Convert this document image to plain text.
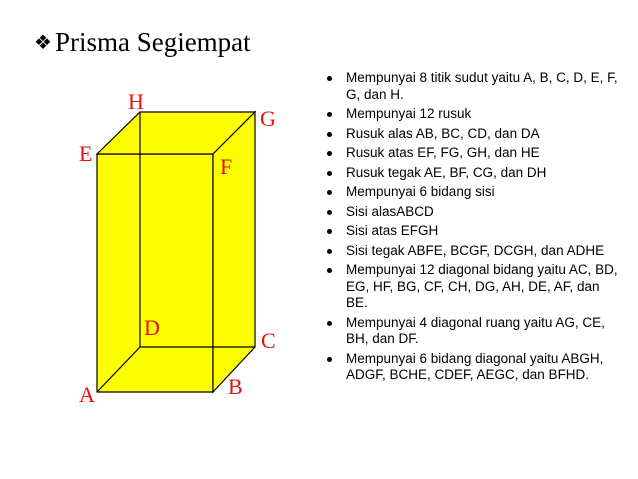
❖ Prisma Segiempat
H
G
E
F
D
C
A	B
Mempunyai 8 titik sudut yaitu A, B, C, D, E, F, G, dan H.
Mempunyai 12 rusuk
Rusuk alas AB, BC, CD, dan DA
Rusuk atas EF, FG, GH, dan HE
Rusuk tegak AE, BF, CG, dan DH
Mempunyai 6 bidang sisi
Sisi alasABCD
Sisi atas EFGH
Sisi tegak ABFE, BCGF, DCGH, dan ADHE
Mempunyai 12 diagonal bidang yaitu AC, BD, EG, HF, BG, CF, CH, DG, AH, DE, AF, dan BE.
Mempunyai 4 diagonal ruang yaitu AG, CE, BH, dan DF.
Mempunyai 6 bidang diagonal yaitu ABGH, ADGF, BCHE, CDEF, AEGC, dan BFHD.
